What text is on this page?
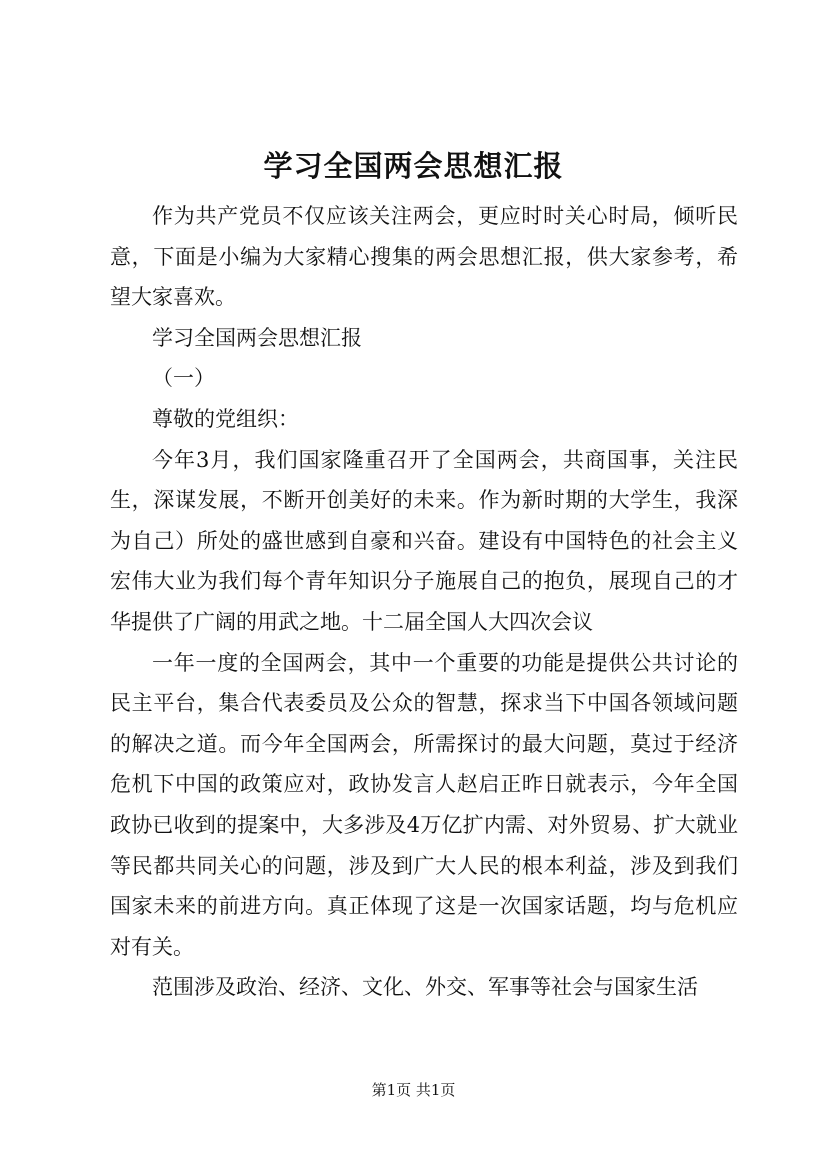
学习全国两会思想汇报

作为共产党员不仅应该关注两会，更应时时关心时局，倾听民意，下面是小编为大家精心搜集的两会思想汇报，供大家参考，希望大家喜欢。

学习全国两会思想汇报

（一）

尊敬的党组织：

今年3月，我们国家隆重召开了全国两会，共商国事，关注民生，深谋发展，不断开创美好的未来。作为新时期的大学生，我深为自己）所处的盛世感到自豪和兴奋。建设有中国特色的社会主义宏伟大业为我们每个青年知识分子施展自己的抱负，展现自己的才华提供了广阔的用武之地。十二届全国人大四次会议

一年一度的全国两会，其中一个重要的功能是提供公共讨论的民主平台，集合代表委员及公众的智慧，探求当下中国各领域问题的解决之道。而今年全国两会，所需探讨的最大问题，莫过于经济危机下中国的政策应对，政协发言人赵启正昨日就表示，今年全国政协已收到的提案中，大多涉及4万亿扩内需、对外贸易、扩大就业等民都共同关心的问题，涉及到广大人民的根本利益，涉及到我们国家未来的前进方向。真正体现了这是一次国家话题，均与危机应对有关。

范围涉及政治、经济、文化、外交、军事等社会与国家生活

第1页 共1页
